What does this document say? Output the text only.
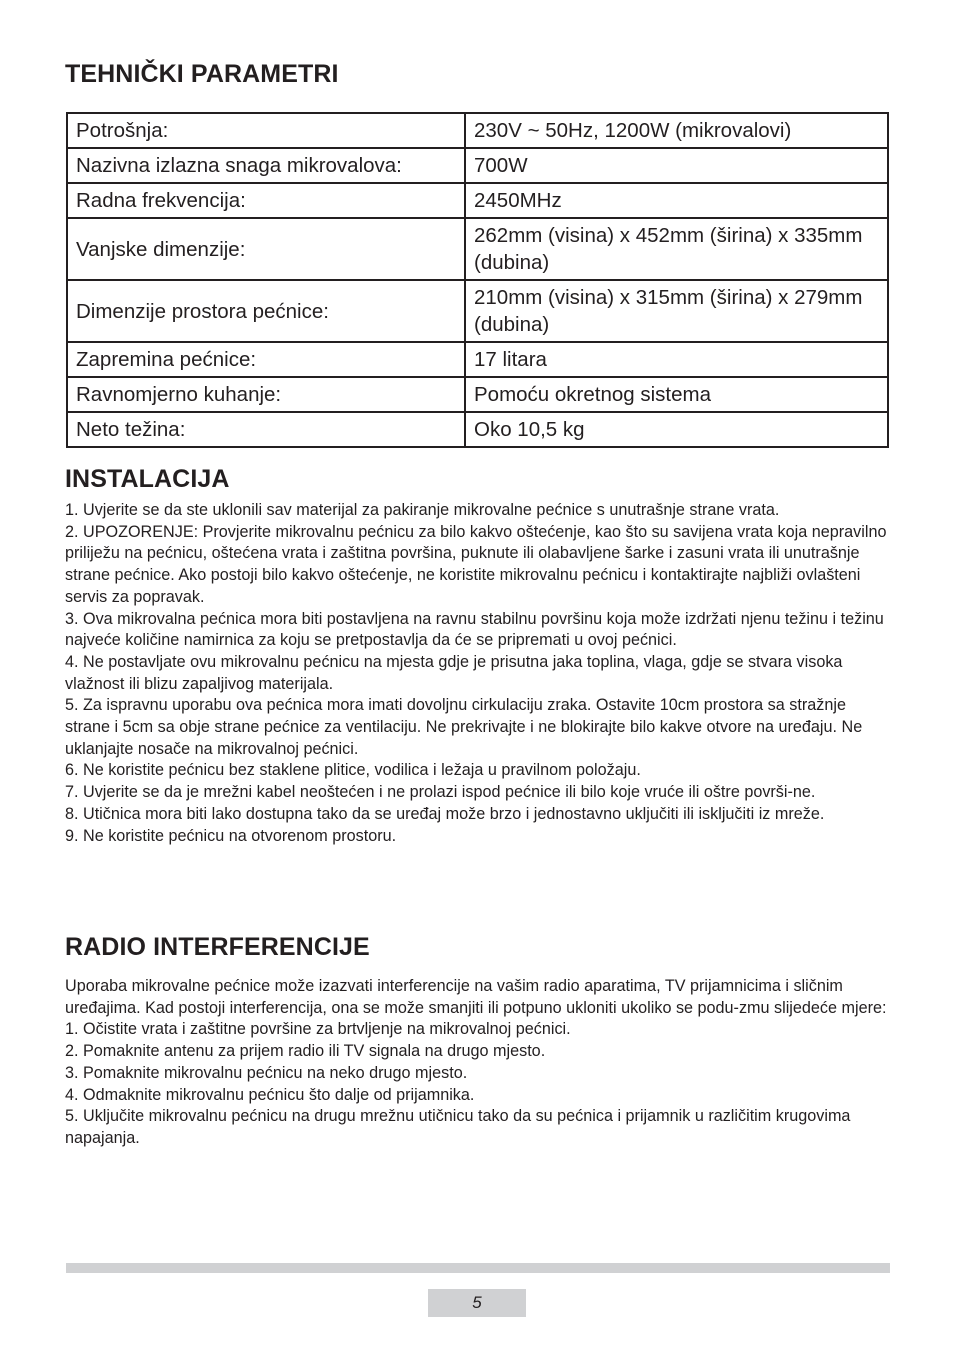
TEHNIČKI PARAMETRI
Potrošnja:	230V ~ 50Hz, 1200W (mikrovalovi)
Nazivna izlazna snaga mikrovalova:	700W
Radna frekvencija:	2450MHz
Vanjske dimenzije:	262mm (visina) x 452mm (širina) x 335mm (dubina)
Dimenzije prostora pećnice:	210mm (visina) x 315mm (širina) x 279mm (dubina)
Zapremina pećnice:	17 litara
Ravnomjerno kuhanje:	Pomoću okretnog sistema
Neto težina:	Oko 10,5 kg
INSTALACIJA

1. Uvjerite se da ste uklonili sav materijal za pakiranje mikrovalne pećnice s unutrašnje strane vrata.

2. UPOZORENJE: Provjerite mikrovalnu pećnicu za bilo kakvo oštećenje, kao što su savijena vrata koja nepravilno priliježu na pećnicu, oštećena vrata i zaštitna površina, puknute ili olabavljene šarke i zasuni vrata ili unutrašnje strane pećnice. Ako postoji bilo kakvo oštećenje, ne koristite mikrovalnu pećnicu i kontaktirajte najbliži ovlašteni servis za popravak.

3. Ova mikrovalna pećnica mora biti postavljena na ravnu stabilnu površinu koja može izdržati njenu težinu i težinu najveće količine namirnica za koju se pretpostavlja da će se pripremati u ovoj pećnici.

4. Ne postavljate ovu mikrovalnu pećnicu na mjesta gdje je prisutna jaka toplina, vlaga, gdje se stvara visoka vlažnost ili blizu zapaljivog materijala.

5. Za ispravnu uporabu ova pećnica mora imati dovoljnu cirkulaciju zraka. Ostavite 10cm prostora sa stražnje strane i 5cm sa obje strane pećnice za ventilaciju. Ne prekrivajte i ne blokirajte bilo kakve otvore na uređaju. Ne uklanjajte nosače na mikrovalnoj pećnici.

6. Ne koristite pećnicu bez staklene plitice, vodilica i ležaja u pravilnom položaju.

7. Uvjerite se da je mrežni kabel neoštećen i ne prolazi ispod pećnice ili bilo koje vruće ili oštre površi-ne.

8. Utičnica mora biti lako dostupna tako da se uređaj može brzo i jednostavno uključiti ili isključiti iz mreže.

9. Ne koristite pećnicu na otvorenom prostoru.

RADIO INTERFERENCIJE

Uporaba mikrovalne pećnice može izazvati interferencije na vašim radio aparatima, TV prijamnicima i sličnim uređajima. Kad postoji interferencija, ona se može smanjiti ili potpuno ukloniti ukoliko se podu-zmu slijedeće mjere:

1. Očistite vrata i zaštitne površine za brtvljenje na mikrovalnoj pećnici.

2. Pomaknite antenu za prijem radio ili TV signala na drugo mjesto.

3. Pomaknite mikrovalnu pećnicu na neko drugo mjesto.

4. Odmaknite mikrovalnu pećnicu što dalje od prijamnika.

5. Uključite mikrovalnu pećnicu na drugu mrežnu utičnicu tako da su pećnica i prijamnik u različitim krugovima napajanja.

5
